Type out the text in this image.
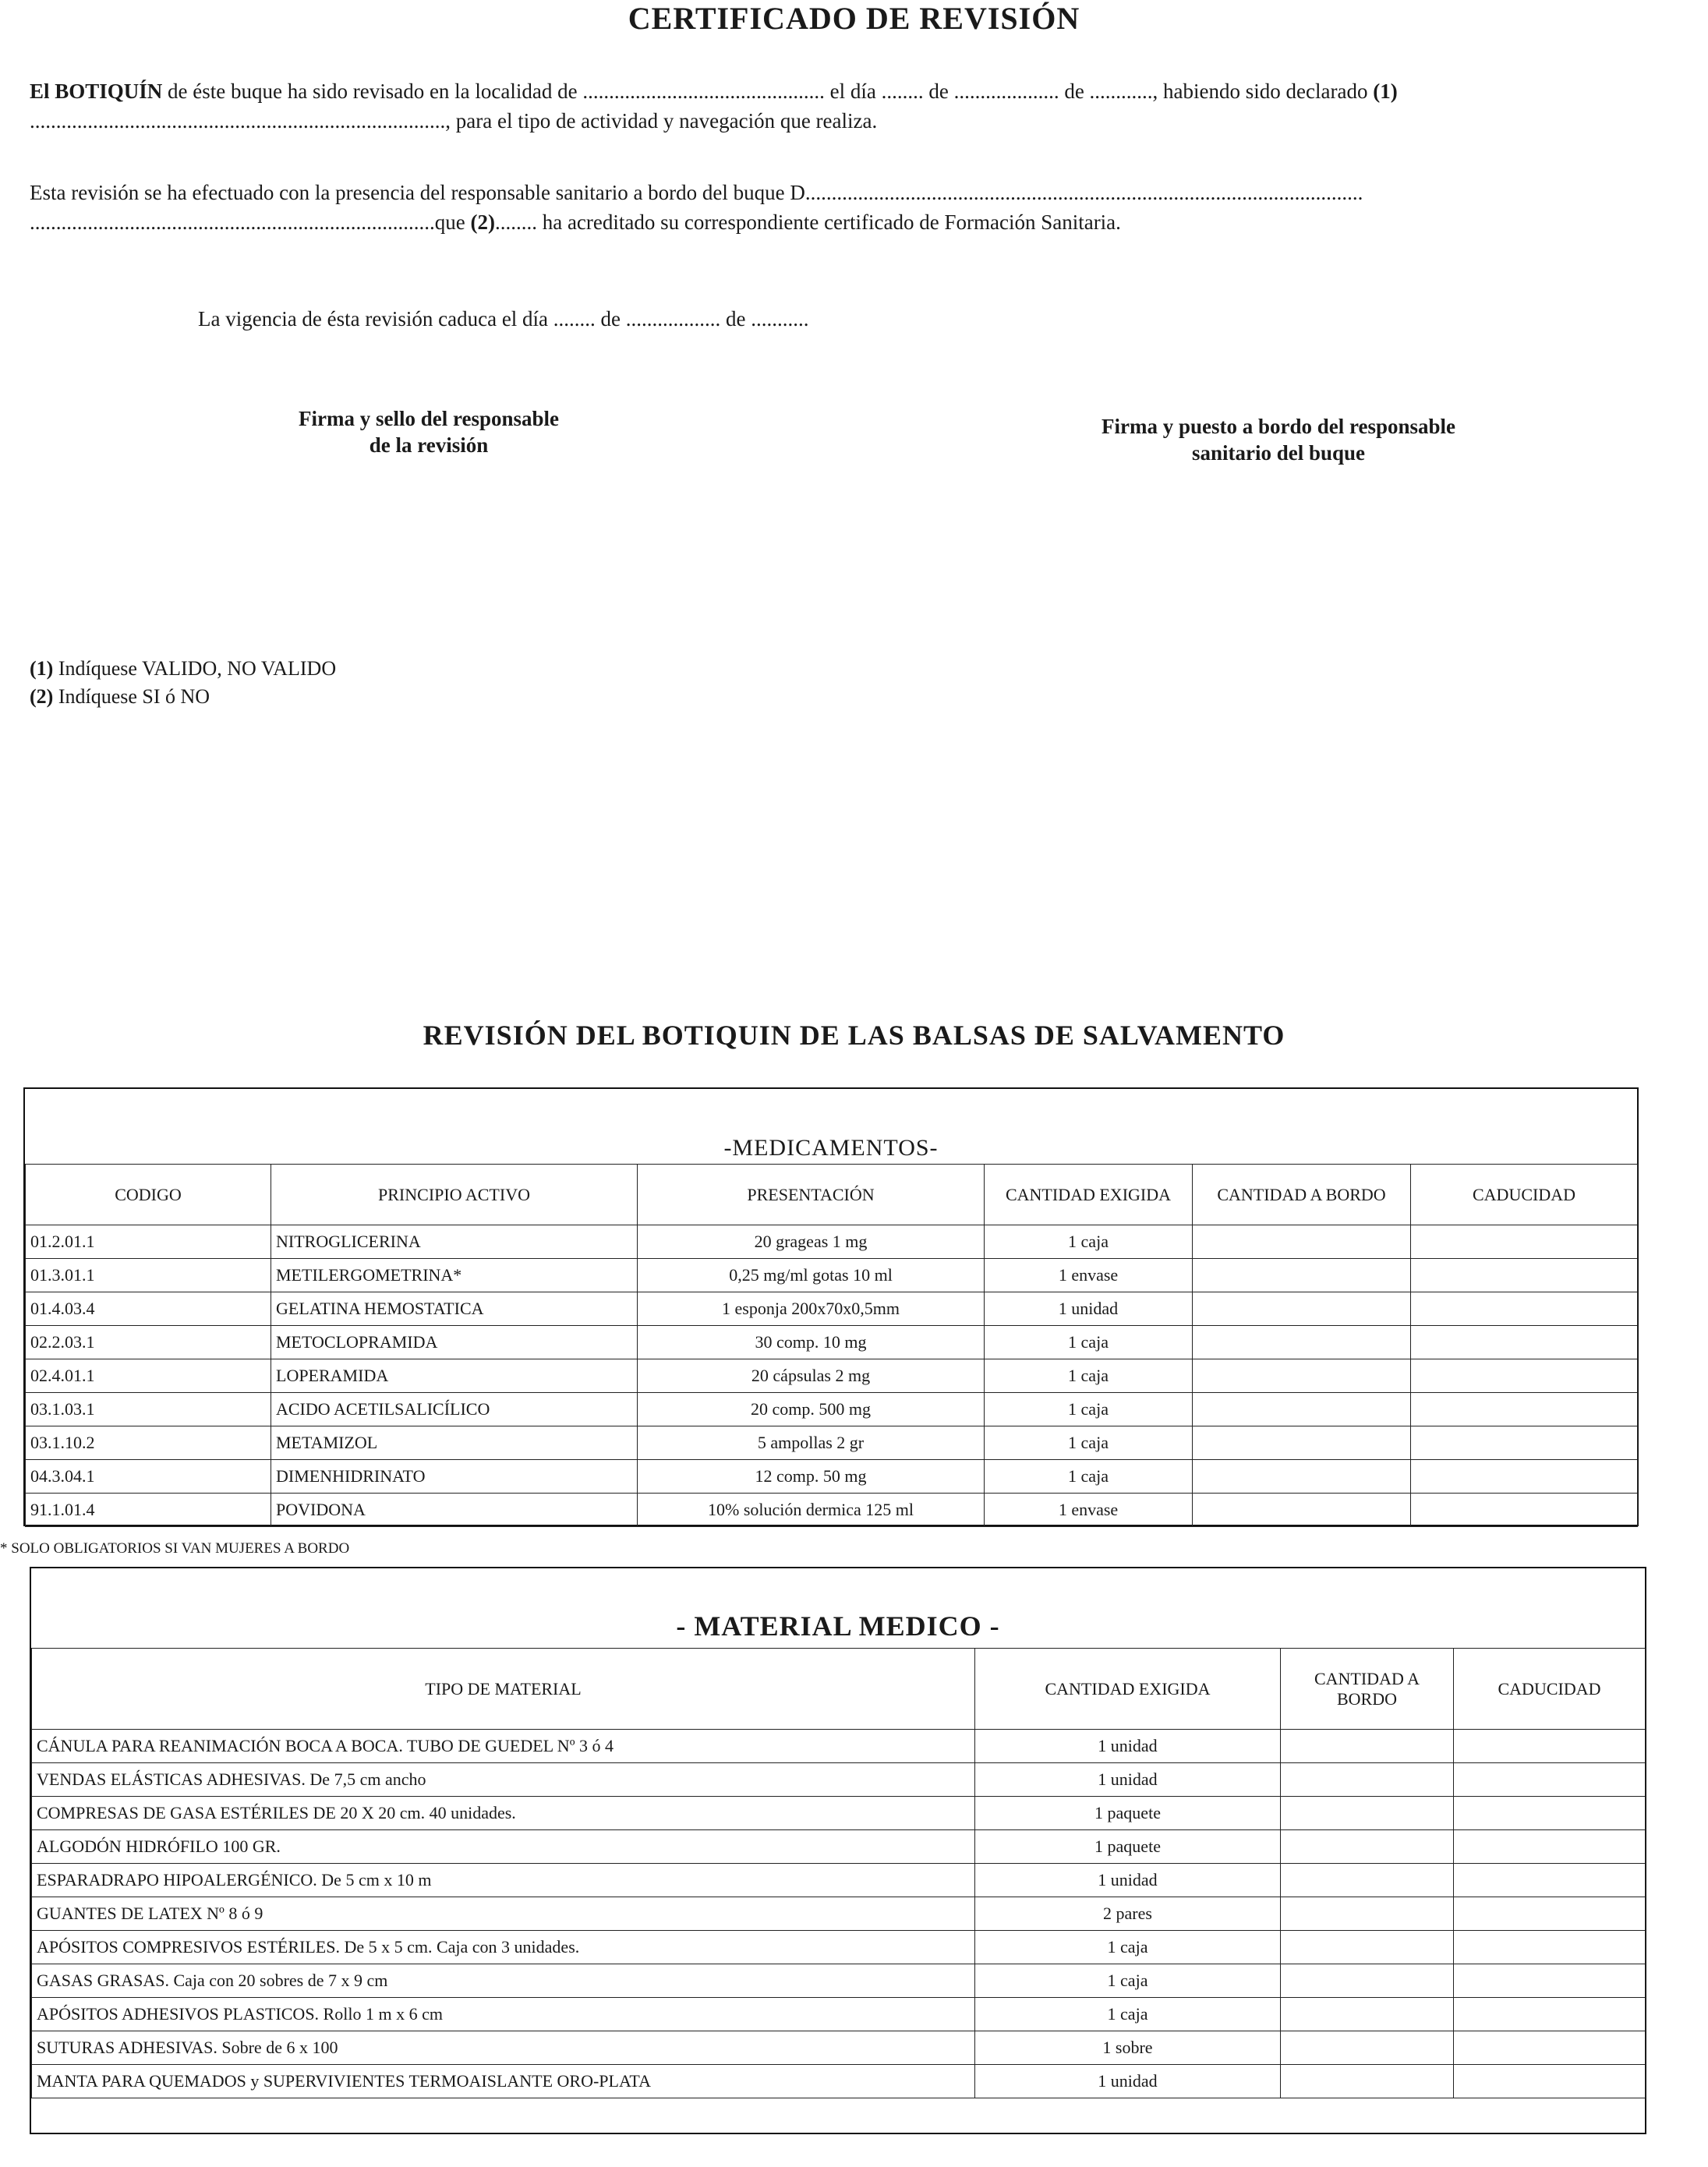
CERTIFICADO DE REVISIÓN
El BOTIQUÍN de éste buque ha sido revisado en la localidad de .............................................. el día ........ de .................... de ............, habiendo sido declarado (1) ..............................................................................., para el tipo de actividad y navegación que realiza.
Esta revisión se ha efectuado con la presencia del responsable sanitario a bordo del buque D.......................................................................................................... .............................................................................que (2)........ ha acreditado su correspondiente certificado de Formación Sanitaria.
La vigencia de ésta revisión caduca el día ........ de .................. de ...........
Firma y sello del responsable
de la revisión
Firma y puesto a bordo del responsable
sanitario del buque
(1) Indíquese VALIDO, NO VALIDO
(2) Indíquese SI ó NO
REVISIÓN DEL BOTIQUIN DE LAS BALSAS DE SALVAMENTO
-MEDICAMENTOS-
CODIGO	PRINCIPIO ACTIVO	PRESENTACIÓN	CANTIDAD EXIGIDA	CANTIDAD A BORDO	CADUCIDAD
01.2.01.1	NITROGLICERINA	20 grageas 1 mg	1 caja		
01.3.01.1	METILERGOMETRINA*	0,25 mg/ml gotas 10 ml	1 envase		
01.4.03.4	GELATINA HEMOSTATICA	1 esponja 200x70x0,5mm	1 unidad		
02.2.03.1	METOCLOPRAMIDA	30 comp. 10 mg	1 caja		
02.4.01.1	LOPERAMIDA	20 cápsulas 2 mg	1 caja		
03.1.03.1	ACIDO ACETILSALICÍLICO	20 comp. 500 mg	1 caja		
03.1.10.2	METAMIZOL	5 ampollas 2 gr	1 caja		
04.3.04.1	DIMENHIDRINATO	12 comp. 50 mg	1 caja		
91.1.01.4	POVIDONA	10% solución dermica 125 ml	1 envase		
* SOLO OBLIGATORIOS SI VAN MUJERES A BORDO
- MATERIAL MEDICO -
TIPO DE MATERIAL	CANTIDAD EXIGIDA	CANTIDAD A BORDO	CADUCIDAD
CÁNULA PARA REANIMACIÓN BOCA A BOCA. TUBO DE GUEDEL Nº 3 ó 4	1 unidad		
VENDAS ELÁSTICAS ADHESIVAS. De 7,5 cm ancho	1 unidad		
COMPRESAS DE GASA ESTÉRILES DE 20 X 20 cm. 40 unidades.	1 paquete		
ALGODÓN HIDRÓFILO 100 GR.	1 paquete		
ESPARADRAPO HIPOALERGÉNICO. De 5 cm x 10 m	1 unidad		
GUANTES DE LATEX Nº 8 ó 9	2 pares		
APÓSITOS COMPRESIVOS ESTÉRILES. De 5 x 5 cm. Caja con 3 unidades.	1 caja		
GASAS GRASAS. Caja con 20 sobres de 7 x 9 cm	1 caja		
APÓSITOS ADHESIVOS PLASTICOS. Rollo 1 m x 6 cm	1 caja		
SUTURAS ADHESIVAS. Sobre de 6 x 100	1 sobre		
MANTA PARA QUEMADOS y SUPERVIVIENTES TERMOAISLANTE ORO-PLATA	1 unidad		
